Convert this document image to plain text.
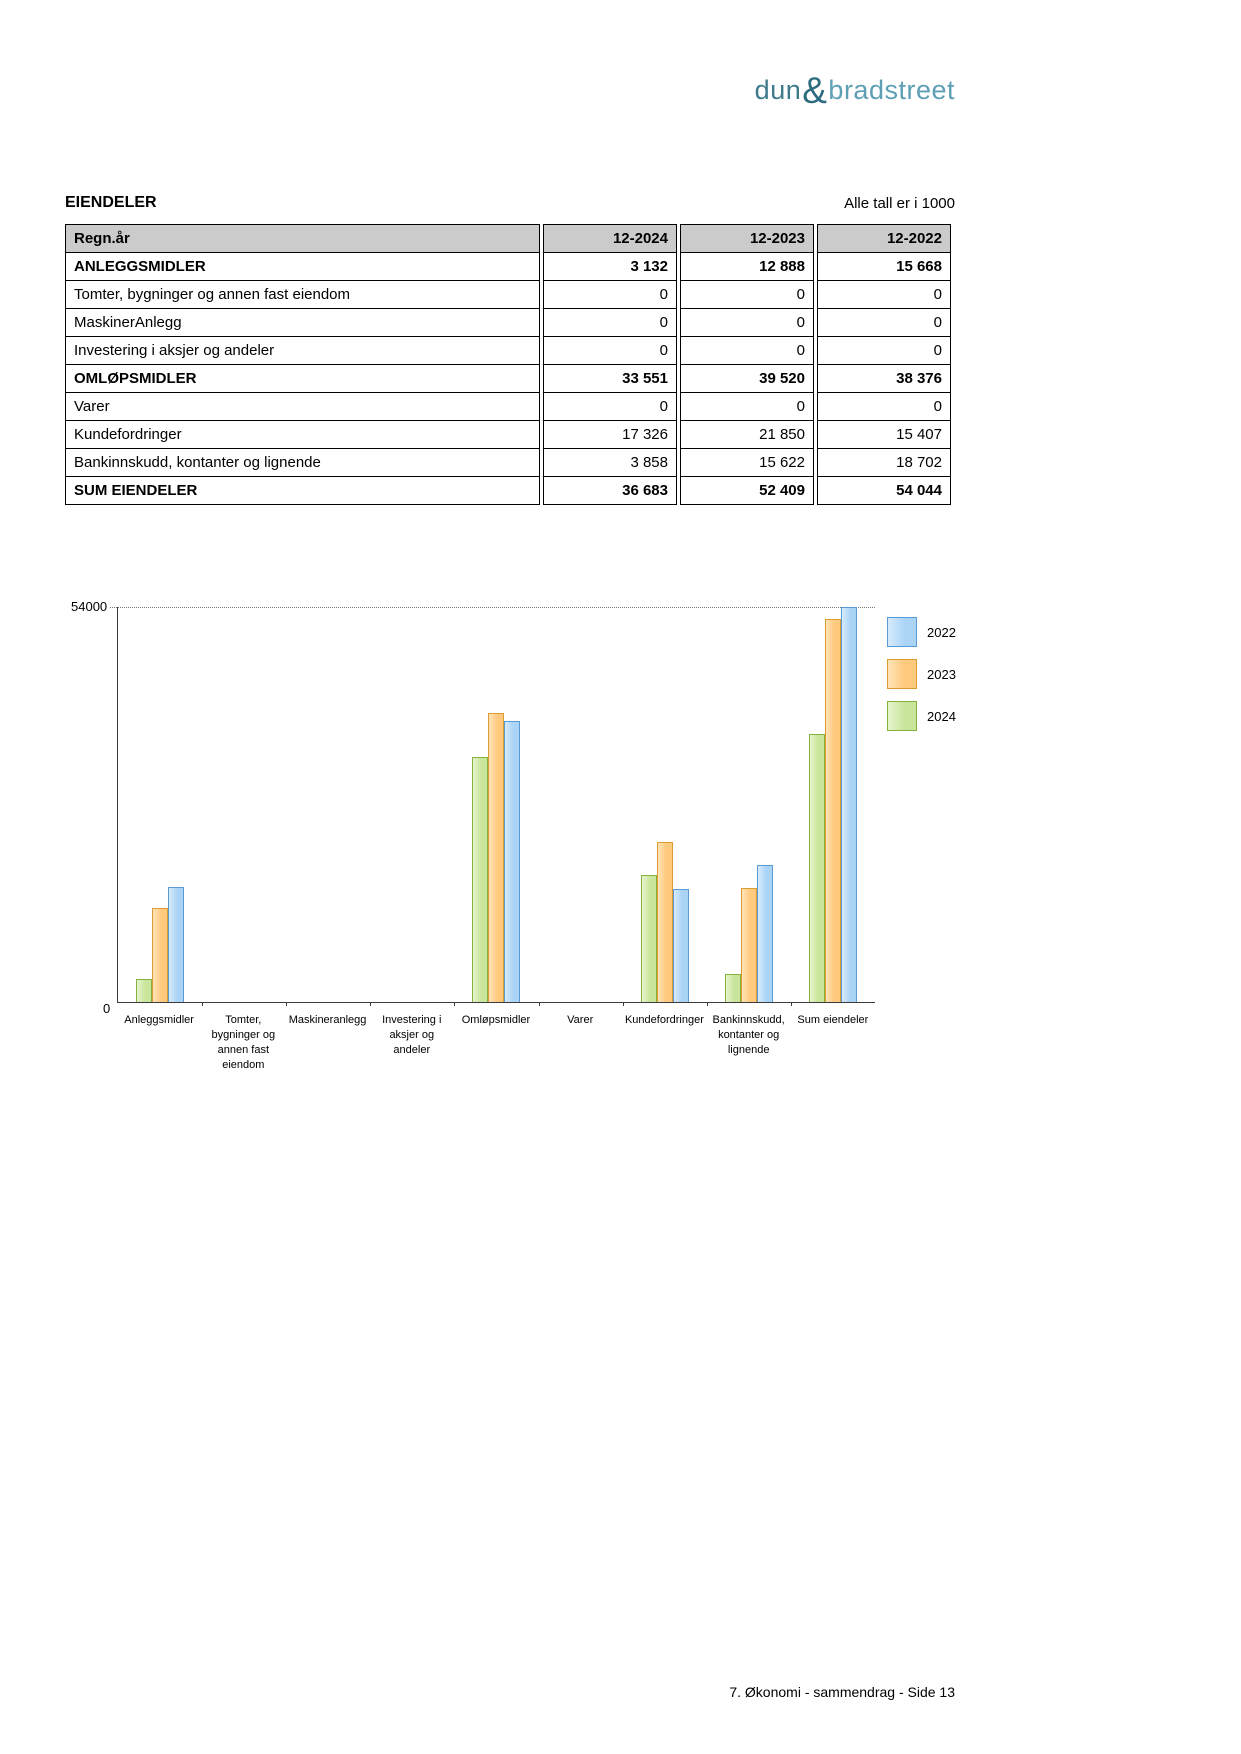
dun&bradstreet
EIENDELER	Alle tall er i 1000
Regn.år	12-2024	12-2023	12-2022
ANLEGGSMIDLER	3 132	12 888	15 668
Tomter, bygninger og annen fast eiendom	0	0	0
MaskinerAnlegg	0	0	0
Investering i aksjer og andeler	0	0	0
OMLØPSMIDLER	33 551	39 520	38 376
Varer	0	0	0
Kundefordringer	17 326	21 850	15 407
Bankinnskudd, kontanter og lignende	3 858	15 622	18 702
SUM EIENDELER	36 683	52 409	54 044
54000
0
Anleggsmidler	Tomter, bygninger og annen fast eiendom
Maskineranlegg	Investering i aksjer og andeler
Omløpsmidler	Varer	Kundefordringer Bankinnskudd, kontanter og lignende
Sum eiendeler
2022
2023
2024
7. Økonomi - sammendrag - Side 13
